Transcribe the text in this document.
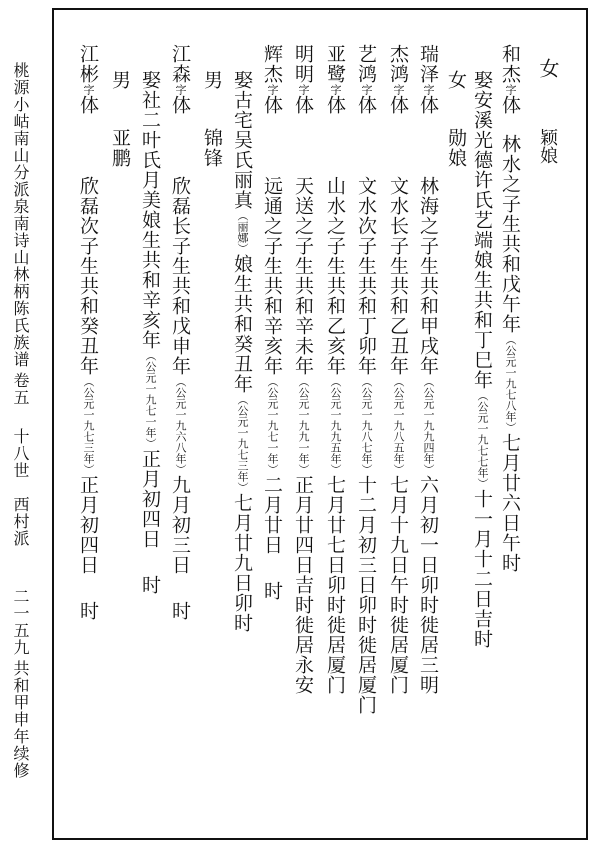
桃源小岵南山分派泉南诗山林柄陈氏族谱
卷五
十八世　西村派
二一五九
共和甲申年续修
女
颖娘
和杰字体
林水之子生共和戊午年（公元一九七八年）七月廿六日午时
娶安溪光德许氏艺端娘生共和丁巳年（公元一九七七年）十一月十二日吉时
瑞泽字体
林海之子生共和甲戌年（公元一九九四年）六月初一日卯时徙居三明
女
勋娘
杰鸿字体
文水长子生共和乙丑年（公元一九八五年）七月十九日午时徙居厦门
艺鸿字体
文水次子生共和丁卯年（公元一九八七年）十二月初三日卯时徙居厦门
亚鹭字体
山水之子生共和乙亥年（公元一九九五年）七月廿七日卯时徙居厦门
明明字体
天送之子生共和辛未年（公元一九九一年）正月廿四日吉时徙居永安
辉杰字体
远通之子生共和辛亥年（公元一九七一年）二月廿日时
娶古宅吴氏丽真（丽娜）娘生共和癸丑年（公元一九七三年）七月廿九日卯时
男
锦锋
江森字体
欣磊长子生共和戊申年（公元一九六八年）九月初三日时
娶社二叶氏月美娘生共和辛亥年（公元一九七一年）正月初四日时
男
亚鹏
江彬字体
欣磊次子生共和癸丑年（公元一九七三年）正月初四日时
